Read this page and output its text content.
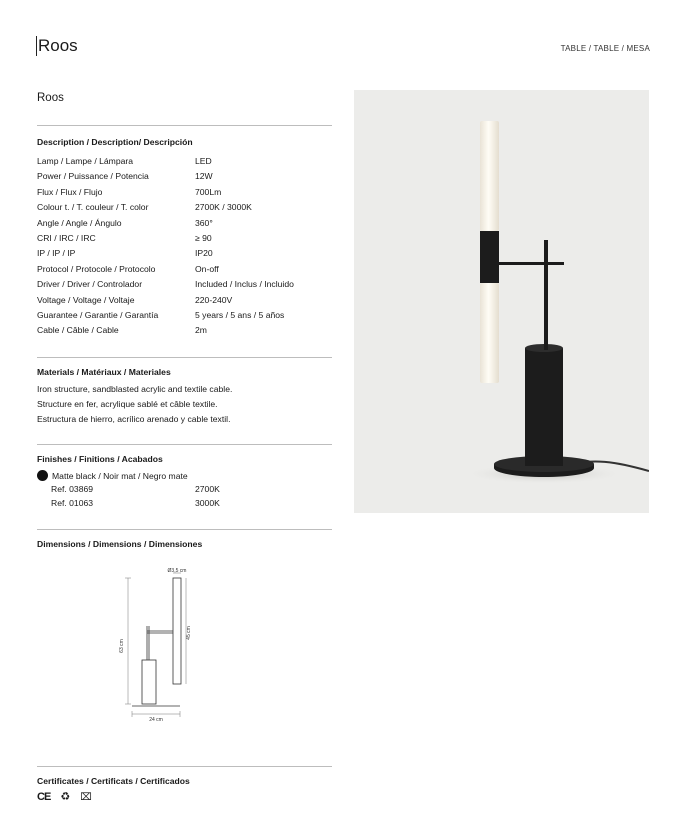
Roos	TABLE / TABLE / MESA
Roos
Description / Description/ Descripción
Lamp / Lampe / Lámpara	LED
Power / Puissance / Potencia	12W
Flux / Flux / Flujo	700Lm
Colour t. / T. couleur / T. color	2700K / 3000K
Angle / Angle / Ángulo	360°
CRI / IRC / IRC	≥ 90
IP / IP / IP	IP20
Protocol / Protocole / Protocolo	On-off
Driver / Driver / Controlador	Included / Inclus / Incluido
Voltage / Voltage / Voltaje	220-240V
Guarantee / Garantie / Garantía	5 years / 5 ans / 5 años
Cable / Câble / Cable	2m
Materials / Matériaux / Materiales
Iron structure, sandblasted acrylic and textile cable.
Structure en fer, acrylique sablé et câble textile.
Estructura de hierro, acrílico arenado y cable textil.
Finishes / Finitions / Acabados
Matte black / Noir mat / Negro mate
Ref. 03869	2700K
Ref. 01063	3000K
Dimensions / Dimensions / Dimensiones
Ø3,5 cm
63 cm
45 cm
24 cm
Certificates / Certificats / Certificados
CE ♻ ⌧
